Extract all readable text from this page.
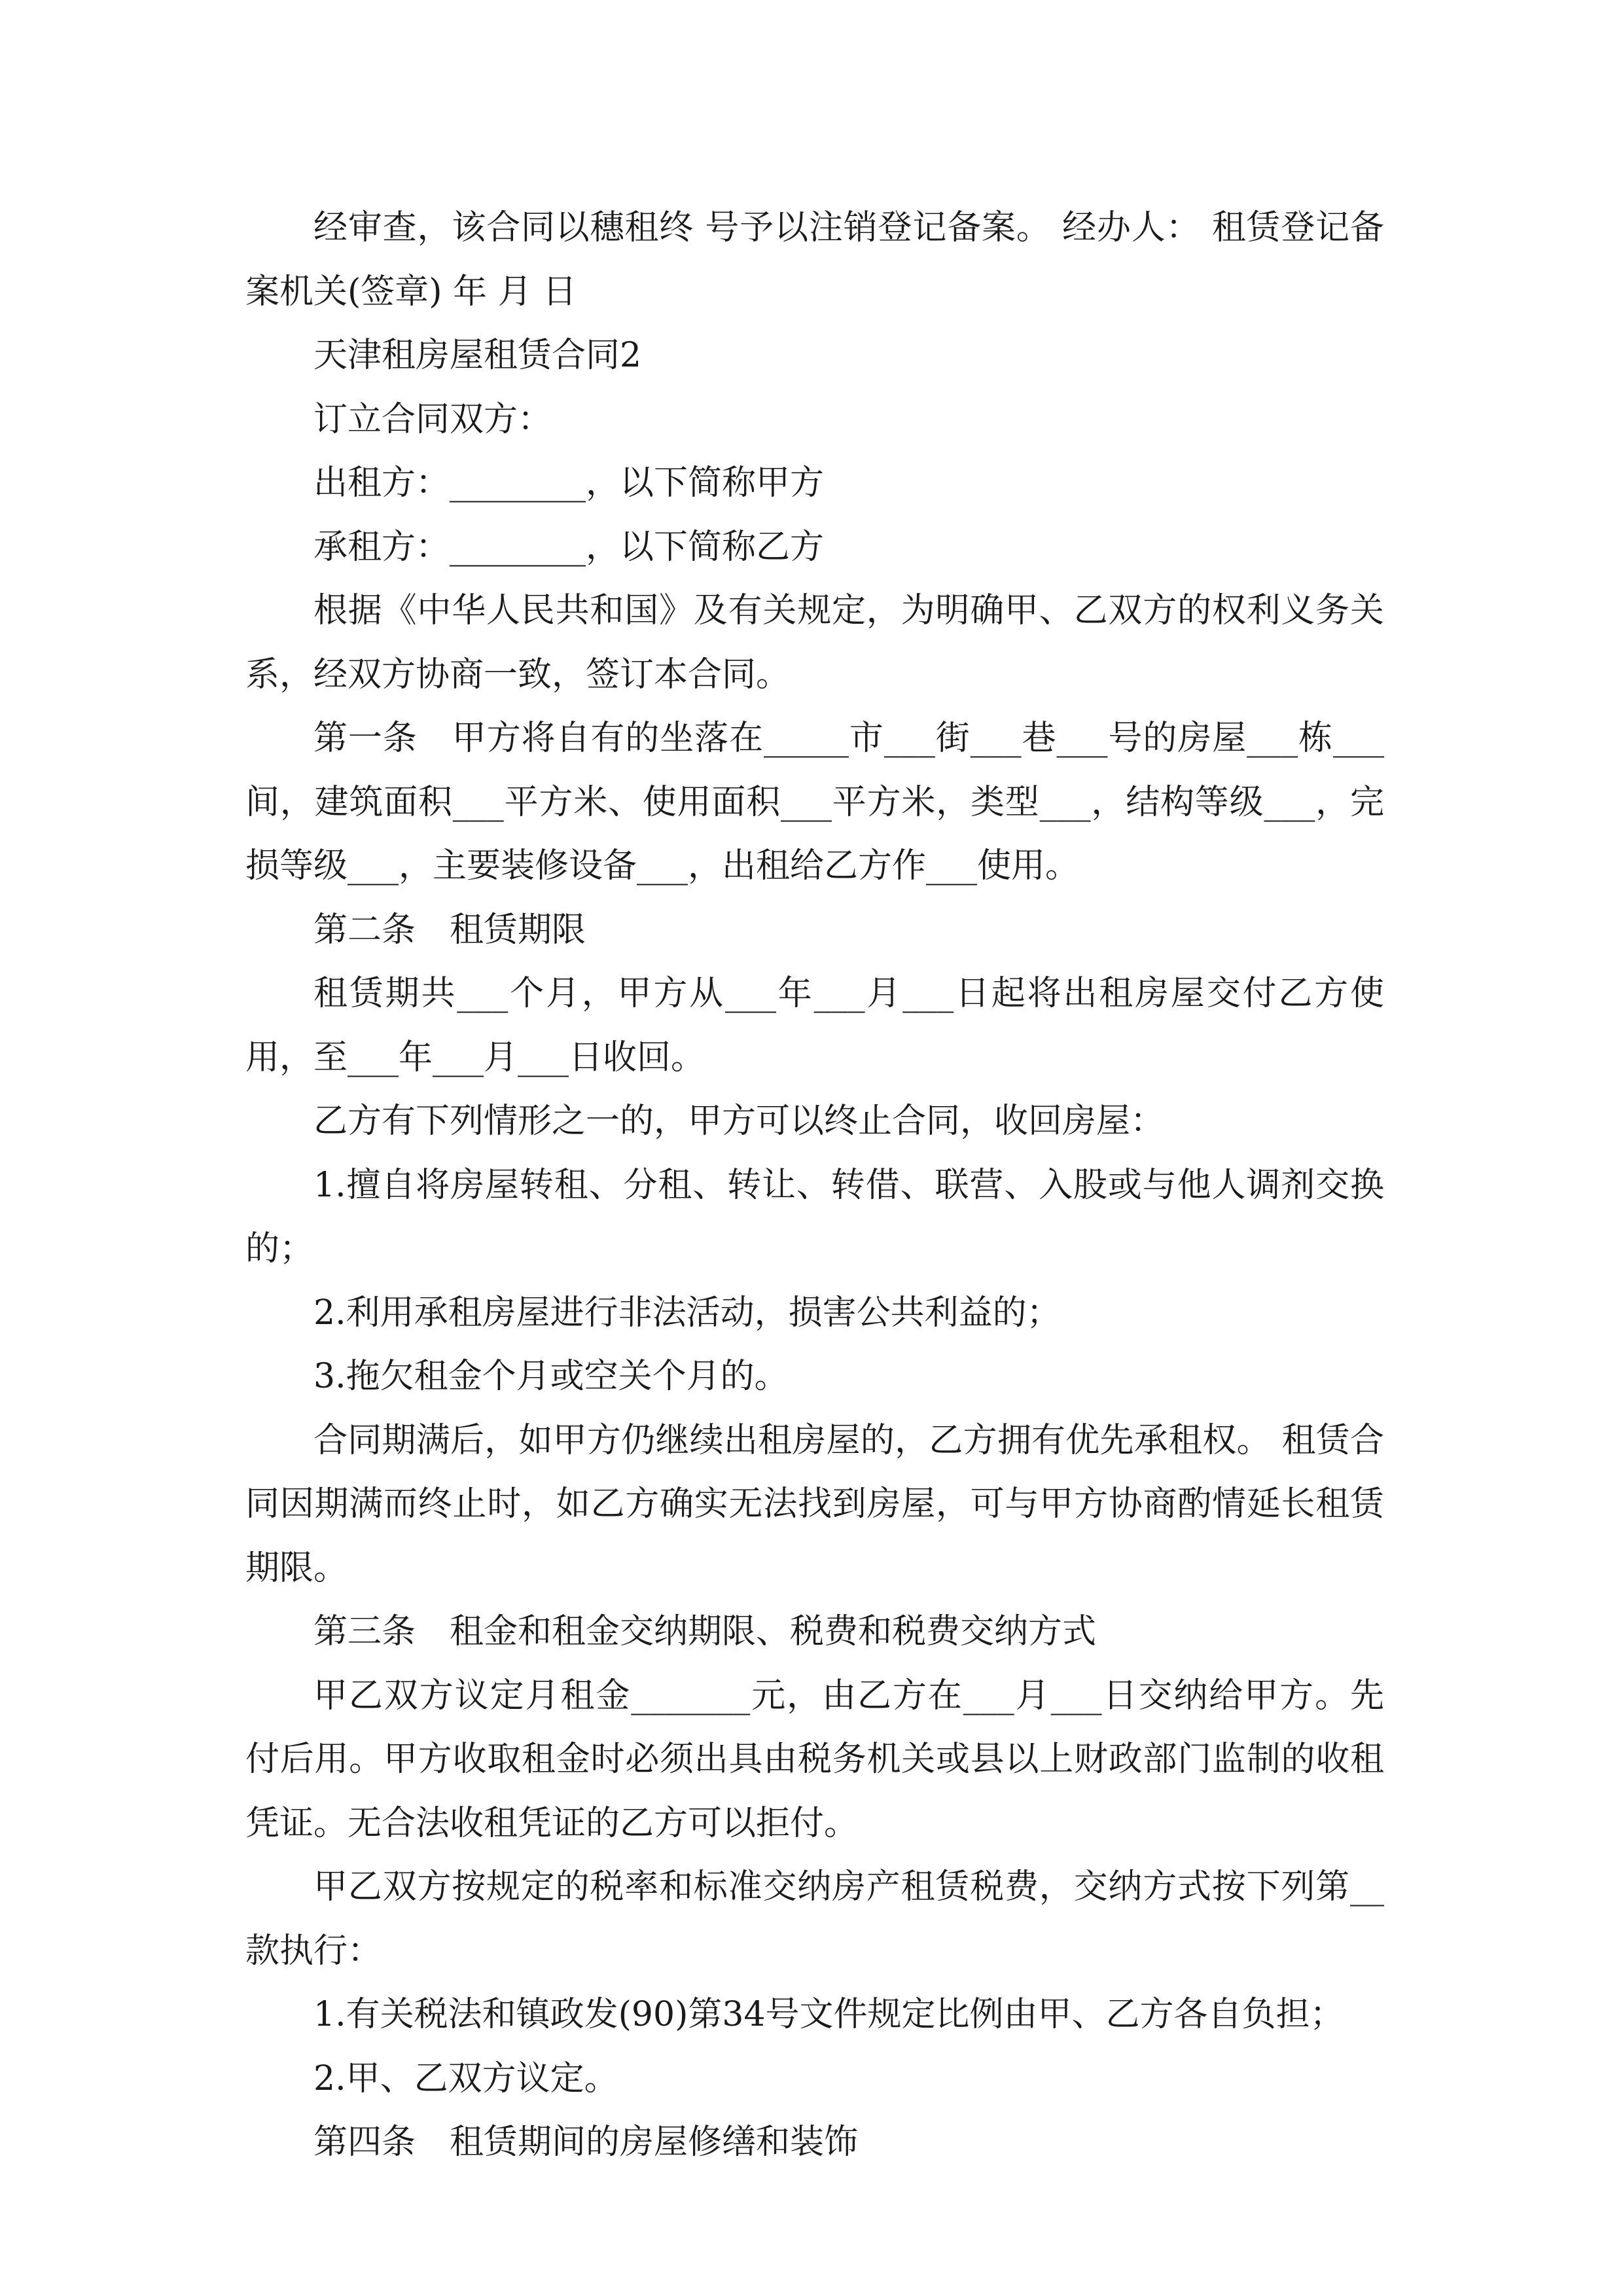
经审查，该合同以穗租终 号予以注销登记备案。 经办人： 租赁登记备案机关(签章) 年 月 日

天津租房屋租赁合同2

订立合同双方：

出租方：________，以下简称甲方

承租方：________，以下简称乙方

根据《中华人民共和国》及有关规定，为明确甲、乙双方的权利义务关系，经双方协商一致，签订本合同。

第一条　甲方将自有的坐落在_____市___街___巷___号的房屋___栋___间，建筑面积___平方米、使用面积___平方米，类型___，结构等级___，完损等级___，主要装修设备___，出租给乙方作___使用。

第二条　租赁期限

租赁期共___个月，甲方从___年___月___日起将出租房屋交付乙方使用，至___年___月___日收回。

乙方有下列情形之一的，甲方可以终止合同，收回房屋：

1.擅自将房屋转租、分租、转让、转借、联营、入股或与他人调剂交换的；

2.利用承租房屋进行非法活动，损害公共利益的；

3.拖欠租金个月或空关个月的。

合同期满后，如甲方仍继续出租房屋的，乙方拥有优先承租权。 租赁合同因期满而终止时，如乙方确实无法找到房屋，可与甲方协商酌情延长租赁期限。

第三条　租金和租金交纳期限、税费和税费交纳方式

甲乙双方议定月租金_______元，由乙方在___月___日交纳给甲方。先付后用。甲方收取租金时必须出具由税务机关或县以上财政部门监制的收租凭证。无合法收租凭证的乙方可以拒付。

甲乙双方按规定的税率和标准交纳房产租赁税费，交纳方式按下列第__款执行：

1.有关税法和镇政发(90)第34号文件规定比例由甲、乙方各自负担；

2.甲、乙双方议定。

第四条　租赁期间的房屋修缮和装饰
